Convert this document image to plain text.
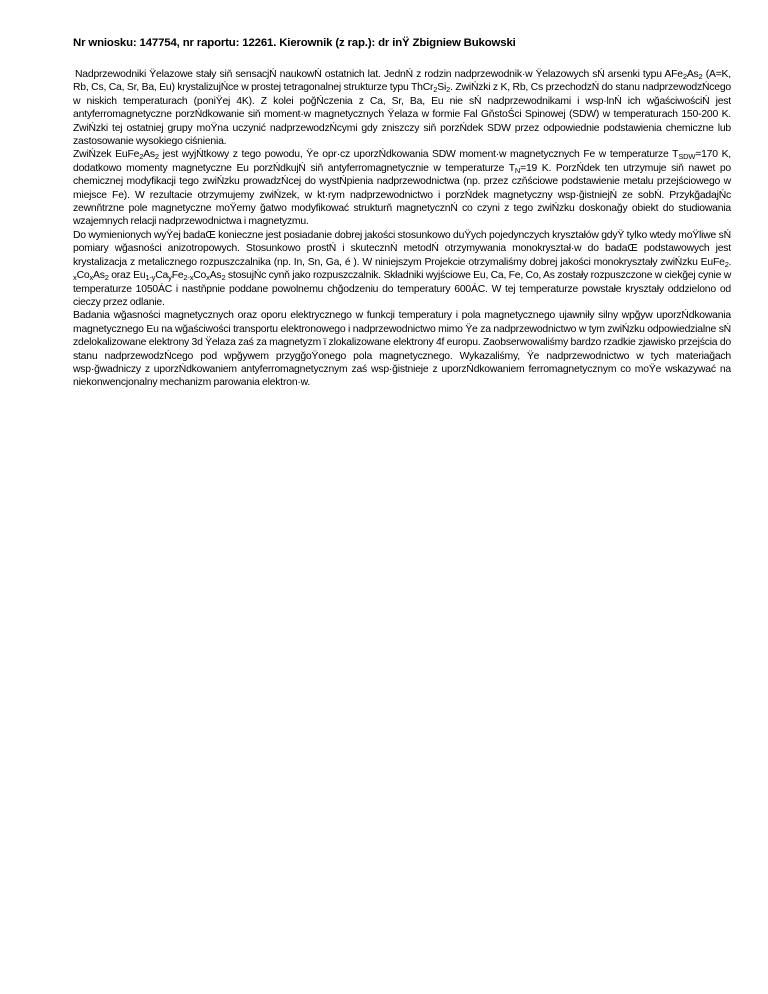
Nr wniosku: 147754, nr raportu: 12261. Kierownik (z rap.): dr inŸ Zbigniew Bukowski

Nadprzewodniki Ÿelazowe stały siň sensacjŃ naukowŃ ostatnich lat. JednŃ z rodzin nadprzewodnik·w Ÿelazowych sŃ arsenki typu $AFe_2As_2$ (A=K, Rb, Cs, Ca, Sr, Ba, Eu) krystalizujŃce w prostej tetragonalnej strukturze typu $ThCr_2Si_2$. ZwiŃzki z K, Rb, Cs przechodzŃ do stanu nadprzewodzŃcego w niskich temperaturach (poniŸej 4K). Z kolei poğŃczenia z Ca, Sr, Ba, Eu nie sŃ nadprzewodnikami i wsp·lnŃ ich wğaściwościŃ jest antyferromagnetyczne porzŃdkowanie siň moment·w magnetycznych Ÿelaza w formie Fal GňstoŚci Spinowej (SDW) w temperaturach 150-200 K. ZwiŃzki tej ostatniej grupy moŸna uczynić nadprzewodzŃcymi gdy zniszczy siň porzŃdek SDW przez odpowiednie podstawienia chemiczne lub zastosowanie wysokiego ciśnienia.

ZwiŃzek $EuFe_2As_2$ jest wyjŃtkowy z tego powodu, Ÿe opr·cz uporzŃdkowania SDW moment·w magnetycznych Fe w temperaturze $T_{SDW}=170$ K, dodatkowo momenty magnetyczne Eu porzŃdkujŃ siň antyferromagnetycznie w temperaturze $T_N=19$ K. PorzŃdek ten utrzymuje siň nawet po chemicznej modyfikacji tego zwiŃzku prowadzŃcej do wystŃpienia nadprzewodnictwa (np. przez czňściowe podstawienie metalu przejściowego w miejsce Fe). W rezultacie otrzymujemy zwiŃzek, w kt·rym nadprzewodnictwo i porzŃdek magnetyczny wsp·ğistniejŃ ze sobŃ. PrzykğadajŃc zewnňtrzne pole magnetyczne moŸemy ğatwo modyfikować strukturň magnetycznŃ co czyni z tego zwiŃzku doskonağy obiekt do studiowania wzajemnych relacji nadprzewodnictwa i magnetyzmu.

Do wymienionych wyŸej badaŒ konieczne jest posiadanie dobrej jakości stosunkowo duŸych pojedynczych kryształów gdyŸ tylko wtedy moŸliwe sŃ pomiary wğasności anizotropowych. Stosunkowo prostŃ i skutecznŃ metodŃ otrzymywania monokryształ·w do badaŒ podstawowych jest krystalizacja z metalicznego rozpuszczalnika (np. In, Sn, Ga, é ). W niniejszym Projekcie otrzymaliśmy dobrej jakości monokryształy zwiŃzku $EuFe_{2-x}Co_xAs_2$ oraz $Eu_{1-y}Ca_yFe_{2-x}Co_xAs_2$ stosujŃc cynň jako rozpuszczalnik. Składniki wyjściowe Eu, Ca, Fe, Co, As zostały rozpuszczone w ciekğej cynie w temperaturze 1050ÁC i nastňpnie poddane powolnemu chğodzeniu do temperatury 600ÁC. W tej temperaturze powstałe kryształy oddzielono od cieczy przez odlanie.

Badania wğasności magnetycznych oraz oporu elektrycznego w funkcji temperatury i pola magnetycznego ujawniły silny wpğyw uporzŃdkowania magnetycznego Eu na wğaściwości transportu elektronowego i nadprzewodnictwo mimo Ÿe za nadprzewodnictwo w tym zwiŃzku odpowiedzialne sŃ zdelokalizowane elektrony 3d Ÿelaza zaś za magnetyzm ï zlokalizowane elektrony 4f europu. Zaobserwowaliśmy bardzo rzadkie zjawisko przejścia do stanu nadprzewodzŃcego pod wpğywem przygğoŸonego pola magnetycznego. Wykazaliśmy, Ÿe nadprzewodnictwo w tych materiağach wsp·ğwadniczy z uporzŃdkowaniem antyferromagnetycznym zaś wsp·ğistnieje z uporzŃdkowaniem ferromagnetycznym co moŸe wskazywać na niekonwencjonalny mechanizm parowania elektron·w.
